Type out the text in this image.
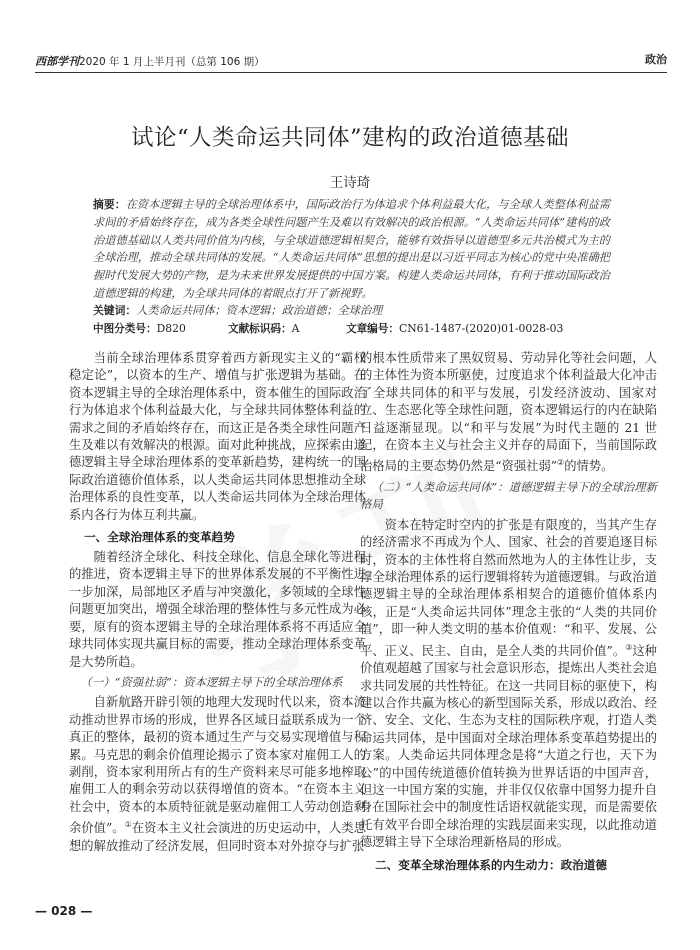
西部学刊2020 年 1 月上半月刊（总第 106 期）	政治
试论“人类命运共同体”建构的政治道德基础
王诗琦
摘要：在资本逻辑主导的全球治理体系中，国际政治行为体追求个体利益最大化，与全球人类整体利益需求间的矛盾始终存在，成为各类全球性问题产生及难以有效解决的政治根源。“人类命运共同体”建构的政治道德基础以人类共同价值为内核，与全球道德逻辑相契合，能够有效指导以道德型多元共治模式为主的全球治理，推动全球共同体的发展。“人类命运共同体”思想的提出是以习近平同志为核心的党中央准确把握时代发展大势的产物，是为未来世界发展提供的中国方案。构建人类命运共同体，有利于推动国际政治道德逻辑的构建，为全球共同体的着眼点打开了新视野。
关键词：人类命运共同体；资本逻辑；政治道德；全球治理
中图分类号：D820	文献标识码：A	文章编号：CN61-1487-(2020)01-0028-03

当前全球治理体系贯穿着西方新现实主义的“霸权稳定论”，以资本的生产、增值与扩张逻辑为基础。在资本逻辑主导的全球治理体系中，资本催生的国际政治行为体追求个体利益最大化，与全球共同体整体利益的需求之间的矛盾始终存在，而这正是各类全球性问题产生及难以有效解决的根源。面对此种挑战，应探索由道德逻辑主导全球治理体系的变革新趋势，建构统一的国际政治道德价值体系，以人类命运共同体思想推动全球治理体系的良性变革，以人类命运共同体为全球治理体系内各行为体互利共赢。

一、全球治理体系的变革趋势

随着经济全球化、科技全球化、信息全球化等进程的推进，资本逻辑主导下的世界体系发展的不平衡性进一步加深，局部地区矛盾与冲突激化，多领域的全球性问题更加突出，增强全球治理的整体性与多元性成为必要，原有的资本逻辑主导的全球治理体系将不再适应全球共同体实现共赢目标的需要，推动全球治理体系变革是大势所趋。

（一）“资强社弱”：资本逻辑主导下的全球治理体系

自新航路开辟引领的地理大发现时代以来，资本流动推动世界市场的形成，世界各区域日益联系成为一个真正的整体，最初的资本通过生产与交易实现增值与积累。马克思的剩余价值理论揭示了资本家对雇佣工人的剥削，资本家利用所占有的生产资料来尽可能多地榨取雇佣工人的剩余劳动以获得增值的资本。“在资本主义社会中，资本的本质特征就是驱动雇佣工人劳动创造剩余价值”。①在资本主义社会演进的历史运动中，人类思想的解放推动了经济发展，但同时资本对外掠夺与扩张

的根本性质带来了黑奴贸易、劳动异化等社会问题，人的主体性为资本所驱使，过度追求个体利益最大化冲击了全球共同体的和平与发展，引发经济波动、国家对立、生态恶化等全球性问题，资本逻辑运行的内在缺陷日益逐渐显现。以“和平与发展”为时代主题的 21 世纪，在资本主义与社会主义并存的局面下，当前国际政治格局的主要态势仍然是“资强社弱”②的情势。

（二）“人类命运共同体”：道德逻辑主导下的全球治理新格局

资本在特定时空内的扩张是有限度的，当其产生存的经济需求不再成为个人、国家、社会的首要追逐目标时，资本的主体性将自然而然地为人的主体性让步，支撑全球治理体系的运行逻辑将转为道德逻辑。与政治道德逻辑主导的全球治理体系相契合的道德价值体系内核，正是“人类命运共同体”理念主张的“人类的共同价值”，即一种人类文明的基本价值观：“和平、发展、公平、正义、民主、自由，是全人类的共同价值”。③这种价值观超越了国家与社会意识形态，提炼出人类社会追求共同发展的共性特征。在这一共同目标的驱使下，构建以合作共赢为核心的新型国际关系，形成以政治、经济、安全、文化、生态为支柱的国际秩序观，打造人类命运共同体，是中国面对全球治理体系变革趋势提出的方案。人类命运共同体理念是将“大道之行也，天下为公”的中国传统道德价值转换为世界话语的中国声音，但这一中国方案的实施，并非仅仅依靠中国努力提升自身在国际社会中的制度性话语权就能实现，而是需要依托有效平台即全球治理的实践层面来实现，以此推动道德逻辑主导下全球治理新格局的形成。

二、变革全球治理体系的内生动力：政治道德
— 028 —
